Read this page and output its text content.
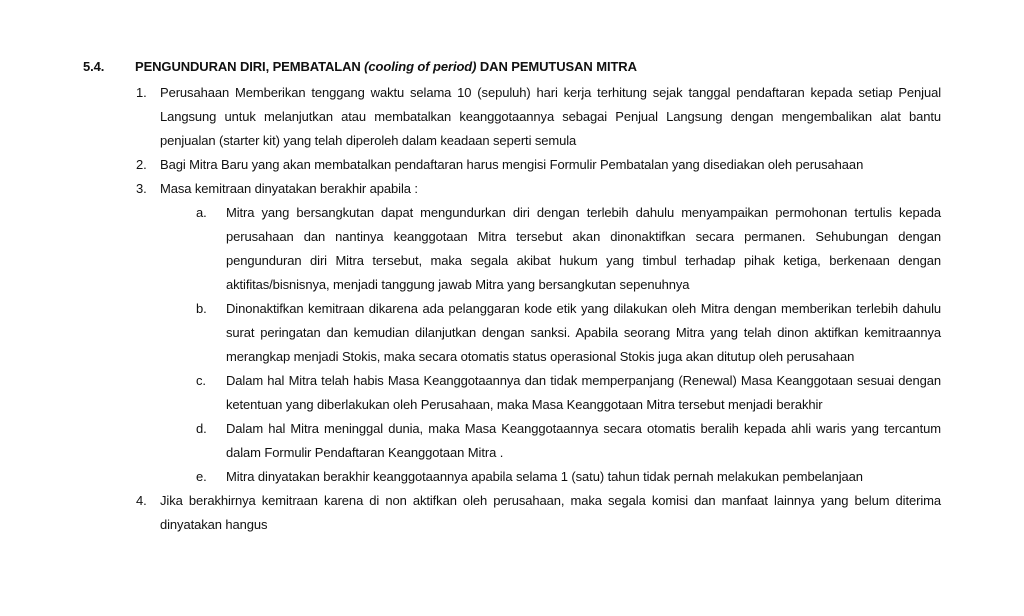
5.4.	PENGUNDURAN DIRI, PEMBATALAN (cooling of period) DAN PEMUTUSAN MITRA
1.	Perusahaan Memberikan tenggang waktu selama 10 (sepuluh) hari kerja terhitung sejak tanggal pendaftaran kepada setiap Penjual Langsung untuk melanjutkan atau membatalkan keanggotaannya sebagai Penjual Langsung dengan mengembalikan alat bantu penjualan (starter kit) yang telah diperoleh dalam keadaan seperti semula

2.	Bagi Mitra Baru yang akan membatalkan pendaftaran harus mengisi Formulir Pembatalan yang disediakan oleh perusahaan

3.	Masa kemitraan dinyatakan berakhir apabila :

a.	Mitra yang bersangkutan dapat mengundurkan diri dengan terlebih dahulu menyampaikan permohonan tertulis kepada perusahaan dan nantinya keanggotaan Mitra tersebut akan dinonaktifkan secara permanen. Sehubungan dengan pengunduran diri Mitra tersebut, maka segala akibat hukum yang timbul terhadap pihak ketiga, berkenaan dengan aktifitas/bisnisnya, menjadi tanggung jawab Mitra yang bersangkutan sepenuhnya

b.	Dinonaktifkan kemitraan dikarena ada pelanggaran kode etik yang dilakukan oleh Mitra dengan memberikan terlebih dahulu surat peringatan dan kemudian dilanjutkan dengan sanksi. Apabila seorang Mitra yang telah dinon aktifkan kemitraannya merangkap menjadi Stokis, maka secara otomatis status operasional Stokis juga akan ditutup oleh perusahaan

c.	Dalam hal Mitra telah habis Masa Keanggotaannya dan tidak memperpanjang (Renewal) Masa Keanggotaan sesuai dengan ketentuan yang diberlakukan oleh Perusahaan, maka Masa Keanggotaan Mitra tersebut menjadi berakhir

d.	Dalam hal Mitra meninggal dunia, maka Masa Keanggotaannya secara otomatis beralih kepada ahli waris yang tercantum dalam Formulir Pendaftaran Keanggotaan Mitra .

e.	Mitra dinyatakan berakhir keanggotaannya apabila selama 1 (satu) tahun tidak pernah melakukan pembelanjaan

4.	Jika berakhirnya kemitraan karena di non aktifkan oleh perusahaan, maka segala komisi dan manfaat lainnya yang belum diterima dinyatakan hangus
